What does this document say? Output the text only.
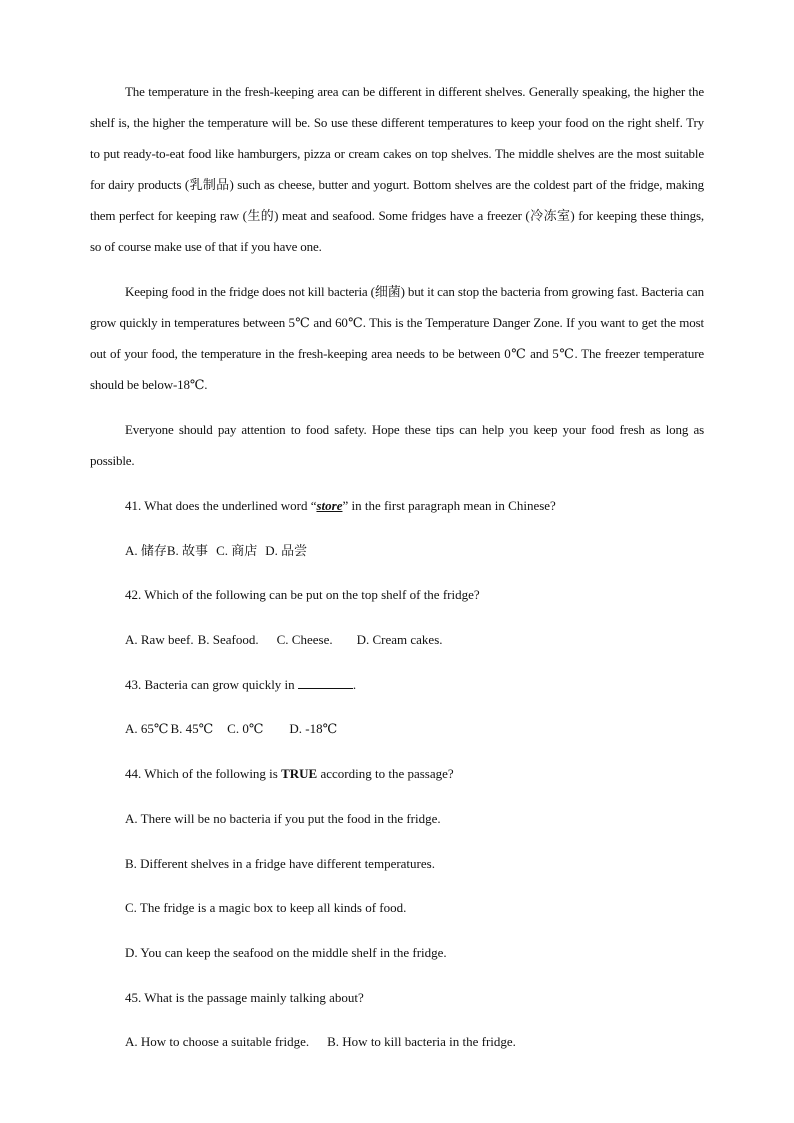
The temperature in the fresh-keeping area can be different in different shelves. Generally speaking, the higher the shelf is, the higher the temperature will be. So use these different temperatures to keep your food on the right shelf. Try to put ready-to-eat food like hamburgers, pizza or cream cakes on top shelves. The middle shelves are the most suitable for dairy products (乳制品) such as cheese, butter and yogurt. Bottom shelves are the coldest part of the fridge, making them perfect for keeping raw (生的) meat and seafood. Some fridges have a freezer (冷冻室) for keeping these things, so of course make use of that if you have one.

Keeping food in the fridge does not kill bacteria (细菌) but it can stop the bacteria from growing fast. Bacteria can grow quickly in temperatures between 5℃ and 60℃. This is the Temperature Danger Zone. If you want to get the most out of your food, the temperature in the fresh-keeping area needs to be between 0℃ and 5℃. The freezer temperature should be below-18℃.

Everyone should pay attention to food safety. Hope these tips can help you keep your food fresh as long as possible.

41. What does the underlined word “store” in the first paragraph mean in Chinese?
A. 储存B. 故事 C. 商店 D. 品尝
42. Which of the following can be put on the top shelf of the fridge?
A. Raw beef. B. Seafood. C. Cheese. D. Cream cakes.
43. Bacteria can grow quickly in	.
A. 65℃ B. 45℃ C. 0℃ D. -18℃
44. Which of the following is TRUE according to the passage?
A. There will be no bacteria if you put the food in the fridge.
B. Different shelves in a fridge have different temperatures.
C. The fridge is a magic box to keep all kinds of food.
D. You can keep the seafood on the middle shelf in the fridge.
45. What is the passage mainly talking about?
A. How to choose a suitable fridge. B. How to kill bacteria in the fridge.
